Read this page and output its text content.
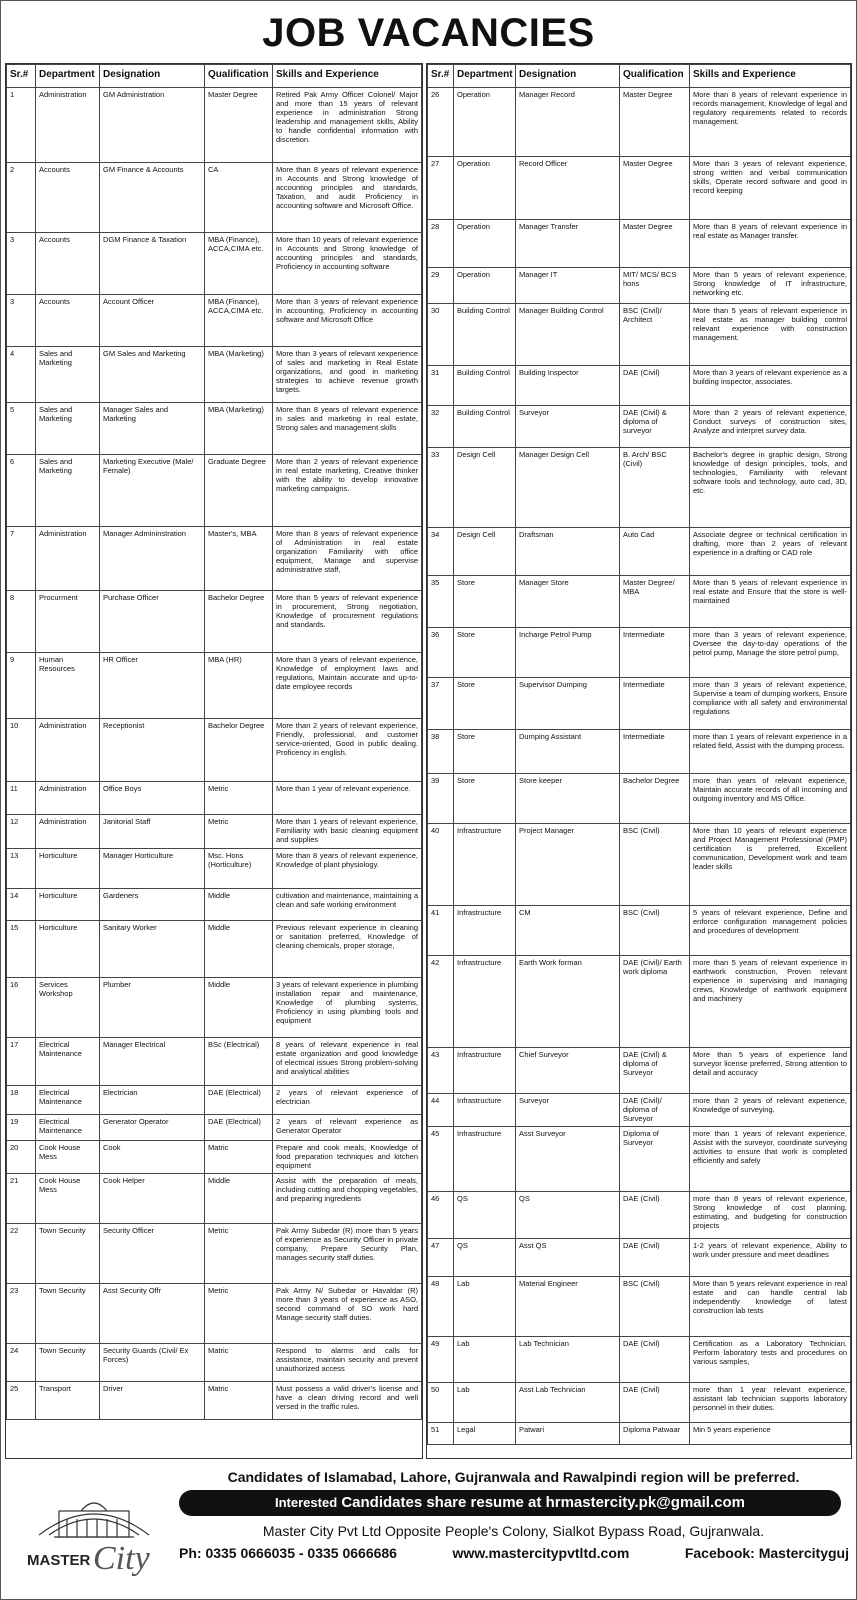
JOB VACANCIES
Sr.#	Department	Designation	Qualification	Skills and Experience
1	Administration	GM Administration	Master Degree	Retired Pak Army Officer Colonel/ Major and more than 15 years of relevant experience in administration Strong leadership and management skills, Ability to handle confidential information with discretion.
2	Accounts	GM Finance & Accounts	CA	More than 8 years of relevant experience in Accounts and Strong knowledge of accounting principles and standards, Taxation, and audit Proficiency in accounting software and Microsoft Office.
3	Accounts	DGM Finance & Taxation	MBA (Finance), ACCA,CIMA etc.	More than 10 years of relevant experience in Accounts and Strong knowledge of accounting principles and standards, Proficiency in accounting software
3	Accounts	Account Officer	MBA (Finance), ACCA,CIMA etc.	More than 3 years of relevant experience in accounting, Proficiency in accounting software and Microsoft Office
4	Sales and Marketing	GM Sales and Marketing	MBA (Marketing)	More than 3 years of relevant xexperience of sales and marketing in Real Estate organizations, and good in marketing strategies to achieve revenue growth targets.
5	Sales and Marketing	Manager Sales and Marketing	MBA (Marketing)	More than 8 years of relevant experience in sales and marketing in real estate, Strong sales and management skills
6	Sales and Marketing	Marketing Executive (Male/ Female)	Graduate Degree	More than 2 years of relevant experience in real estate marketing, Creative thinker with the ability to develop innovative marketing campaigns.
7	Administration	Manager Admininstration	Master's, MBA	More than 8 years of relevant experience of Administration in real estate organization Familiarity with office equipment, Manage and supervise administrative staff,
8	Procurment	Purchase Officer	Bachelor Degree	More than 5 years of relevant experience in procurement, Strong negotiation, Knowledge of procurement regulations and standards.
9	Human Resources	HR Officer	MBA (HR)	More than 3 years of relevant experience, Knowledge of employment laws and regulations, Maintain accurate and up-to-date employee records
10	Administration	Receptionist	Bachelor Degree	More than 2 years of relevant experience, Friendly, professional, and customer service-oriented, Good in public dealing. Proficency in english.
11	Administration	Office Boys	Metric	More than 1 year of relevant experience.
12	Administration	Janitorial Staff	Metric	More than 1 years of relevant experience, Familiarity with basic cleaning equipment and supplies
13	Horticulture	Manager Horticulture	Msc. Hons (Horticulture)	More than 8 years of relevant experience, Knowledge of plant physiology.
14	Horticulture	Gardeners	Middle	cultivation and maintenance, maintaining a clean and safe working environment
15	Horticulture	Sanitary Worker	Middle	Previous relevant experience in cleaning or sanitation preferred, Knowledge of cleaning chemicals, proper storage,
16	Services Workshop	Plumber	Middle	3 years of relevant experience in plumbing installation repair and maintenance, Knowledge of plumbing systems, Proficiency in using plumbing tools and equipment
17	Electrical Maintenance	Manager Electrical	BSc (Electrical)	8 years of relevant experience in real estate organization and good knowledge of electrical issues Strong problem-solving and analytical abilities
18	Electrical Maintenance	Electrician	DAE (Electrical)	2 years of relevant experience of electrician
19	Electrical Maintenance	Generator Operator	DAE (Electrical)	2 years of relevant experience as Generator Operator
20	Cook House Mess	Cook	Matric	Prepare and cook meals, Knowledge of food preparation techniques and kitchen equipment
21	Cook House Mess	Cook Helper	Middle	Assist with the preparation of meals, including cutting and chopping vegetables, and preparing ingredients
22	Town Security	Security Officer	Metric	Pak Army Subedar (R) more than 5 years of experience as Security Officer in private company, Prepare Security Plan, manages security staff duties.
23	Town Security	Asst Security Offr	Metric	Pak Army N/ Subedar or Havaldar (R) more than 3 years of experience as ASO, second command of SO work hard Manage security staff duties.
24	Town Security	Security Guards (Civil/ Ex Forces)	Matric	Respond to alarms and calls for assistance, maintain security and prevent unauthorized access
25	Transport	Driver	Matric	Must possess a valid driver's license and have a clean driving record and well versed in the traffic rules.
Sr.#	Department	Designation	Qualification	Skills and Experience
26	Operation	Manager Record	Master Degree	More than 8 years of relevant experience in records management, Knowledge of legal and regulatory requirements related to records management.
27	Operation	Record Officer	Master Degree	More than 3 years of relevant experience, strong written and verbal communication skills, Operate record software and good in record keeping
28	Operation	Manager Transfer	Master Degree	More than 8 years of relevant experience in real estate as Manager transfer.
29	Operation	Manager IT	MIT/ MCS/ BCS hons	More than 5 years of relevant experience, Strong knowledge of IT infrastructure, networking etc.
30	Building Control	Manager Building Control	BSC (Civil)/ Architect	More than 5 years of relevant experience in real estate as manager building control relevant experience with construction management.
31	Building Control	Building Inspector	DAE (Civil)	More than 3 years of relevant experience as a building inspector, associates.
32	Building Control	Surveyor	DAE (Civil) & diploma of surveyor	More than 2 years of relevant experience, Conduct surveys of construction sites, Analyze and interpret survey data.
33	Design Cell	Manager Design Cell	B. Arch/ BSC (Civil)	Bachelor's degree in graphic design, Strong knowledge of design principles, tools, and technologies, Familiarity with relevant software tools and technology, auto cad, 3D, etc.
34	Design Cell	Draftsman	Auto Cad	Associate degree or technical certification in drafting, more than 2 years of relevant experience in a drafting or CAD role
35	Store	Manager Store	Master Degree/ MBA	More than 5 years of relevant experience in real estate and Ensure that the store is well-maintained
36	Store	Incharge Petrol Pump	Intermediate	more than 3 years of relevant experience, Oversee the day-to-day operations of the petrol pump, Manage the store petrol pump,
37	Store	Supervisor Dumping	Intermediate	more than 3 years of relevant experience, Supervise a team of dumping workers, Ensure compliance with all safety and environmental regulations
38	Store	Dumping Assistant	Intermediate	more than 1 years of relevant experience in a related field, Assist with the dumping process.
39	Store	Store keeper	Bachelor Degree	more than years of relevant experience, Maintain accurate records of all incoming and outgoing inventory and MS Office.
40	Infrastructure	Project Manager	BSC (Civil)	More than 10 years of relevant experience and Project Management Professional (PMP) certification is preferred, Excellent communication, Development work and team leader skills
41	Infrastructure	CM	BSC (Civil)	5 years of relevant experience, Define and enforce configuration management policies and procedures of development
42	Infrastructure	Earth Work forman	DAE (Civil)/ Earth work diploma	more than 5 years of relevant experience in earthwork construction, Proven relevant experience in supervising and managing crews, Knowledge of earthwork equipment and machinery
43	Infrastructure	Chief Surveyor	DAE (Civil) & diploma of Surveyor	More than 5 years of experience land surveyor license preferred, Strong attention to detail and accuracy
44	Infrastructure	Surveyor	DAE (Civil)/ diploma of Surveyor	more than 2 years of relevant experience, Knowledge of surveying.
45	Infrastructure	Asst Surveyor	Diploma of Surveyor	more than 1 years of relevant experience, Assist with the surveyor, coordinate surveying activities to ensure that work is completed efficiently and safely
46	QS	QS	DAE (Civil)	more than 8 years of relevant experience, Strong knowledge of cost planning, estimating, and budgeting for construction projects
47	QS	Asst QS	DAE (Civil)	1-2 years of relevant experience, Ability to work under pressure and meet deadlines
48	Lab	Material Engineer	BSC (Civil)	More than 5 years relevant experience in real estate and can handle central lab independently knowledge of latest construction lab tests
49	Lab	Lab Technician	DAE (Civil)	Certification as a Laboratory Technician, Perform laboratory tests and procedures on various samples,
50	Lab	Asst Lab Technician	DAE (Civil)	more than 1 year relevant experience, assistant lab technician supports laboratory personnel in their duties.
51	Legal	Patwari	Diploma Patwaar	Min 5 years experience
MASTER City
Candidates of Islamabad, Lahore, Gujranwala and Rawalpindi region will be preferred.
Interested Candidates share resume at hrmastercity.pk@gmail.com
Master City Pvt Ltd Opposite People's Colony, Sialkot Bypass Road, Gujranwala.
Ph: 0335 0666035 - 0335 0666686	www.mastercitypvtltd.com	Facebook: Mastercityguj
